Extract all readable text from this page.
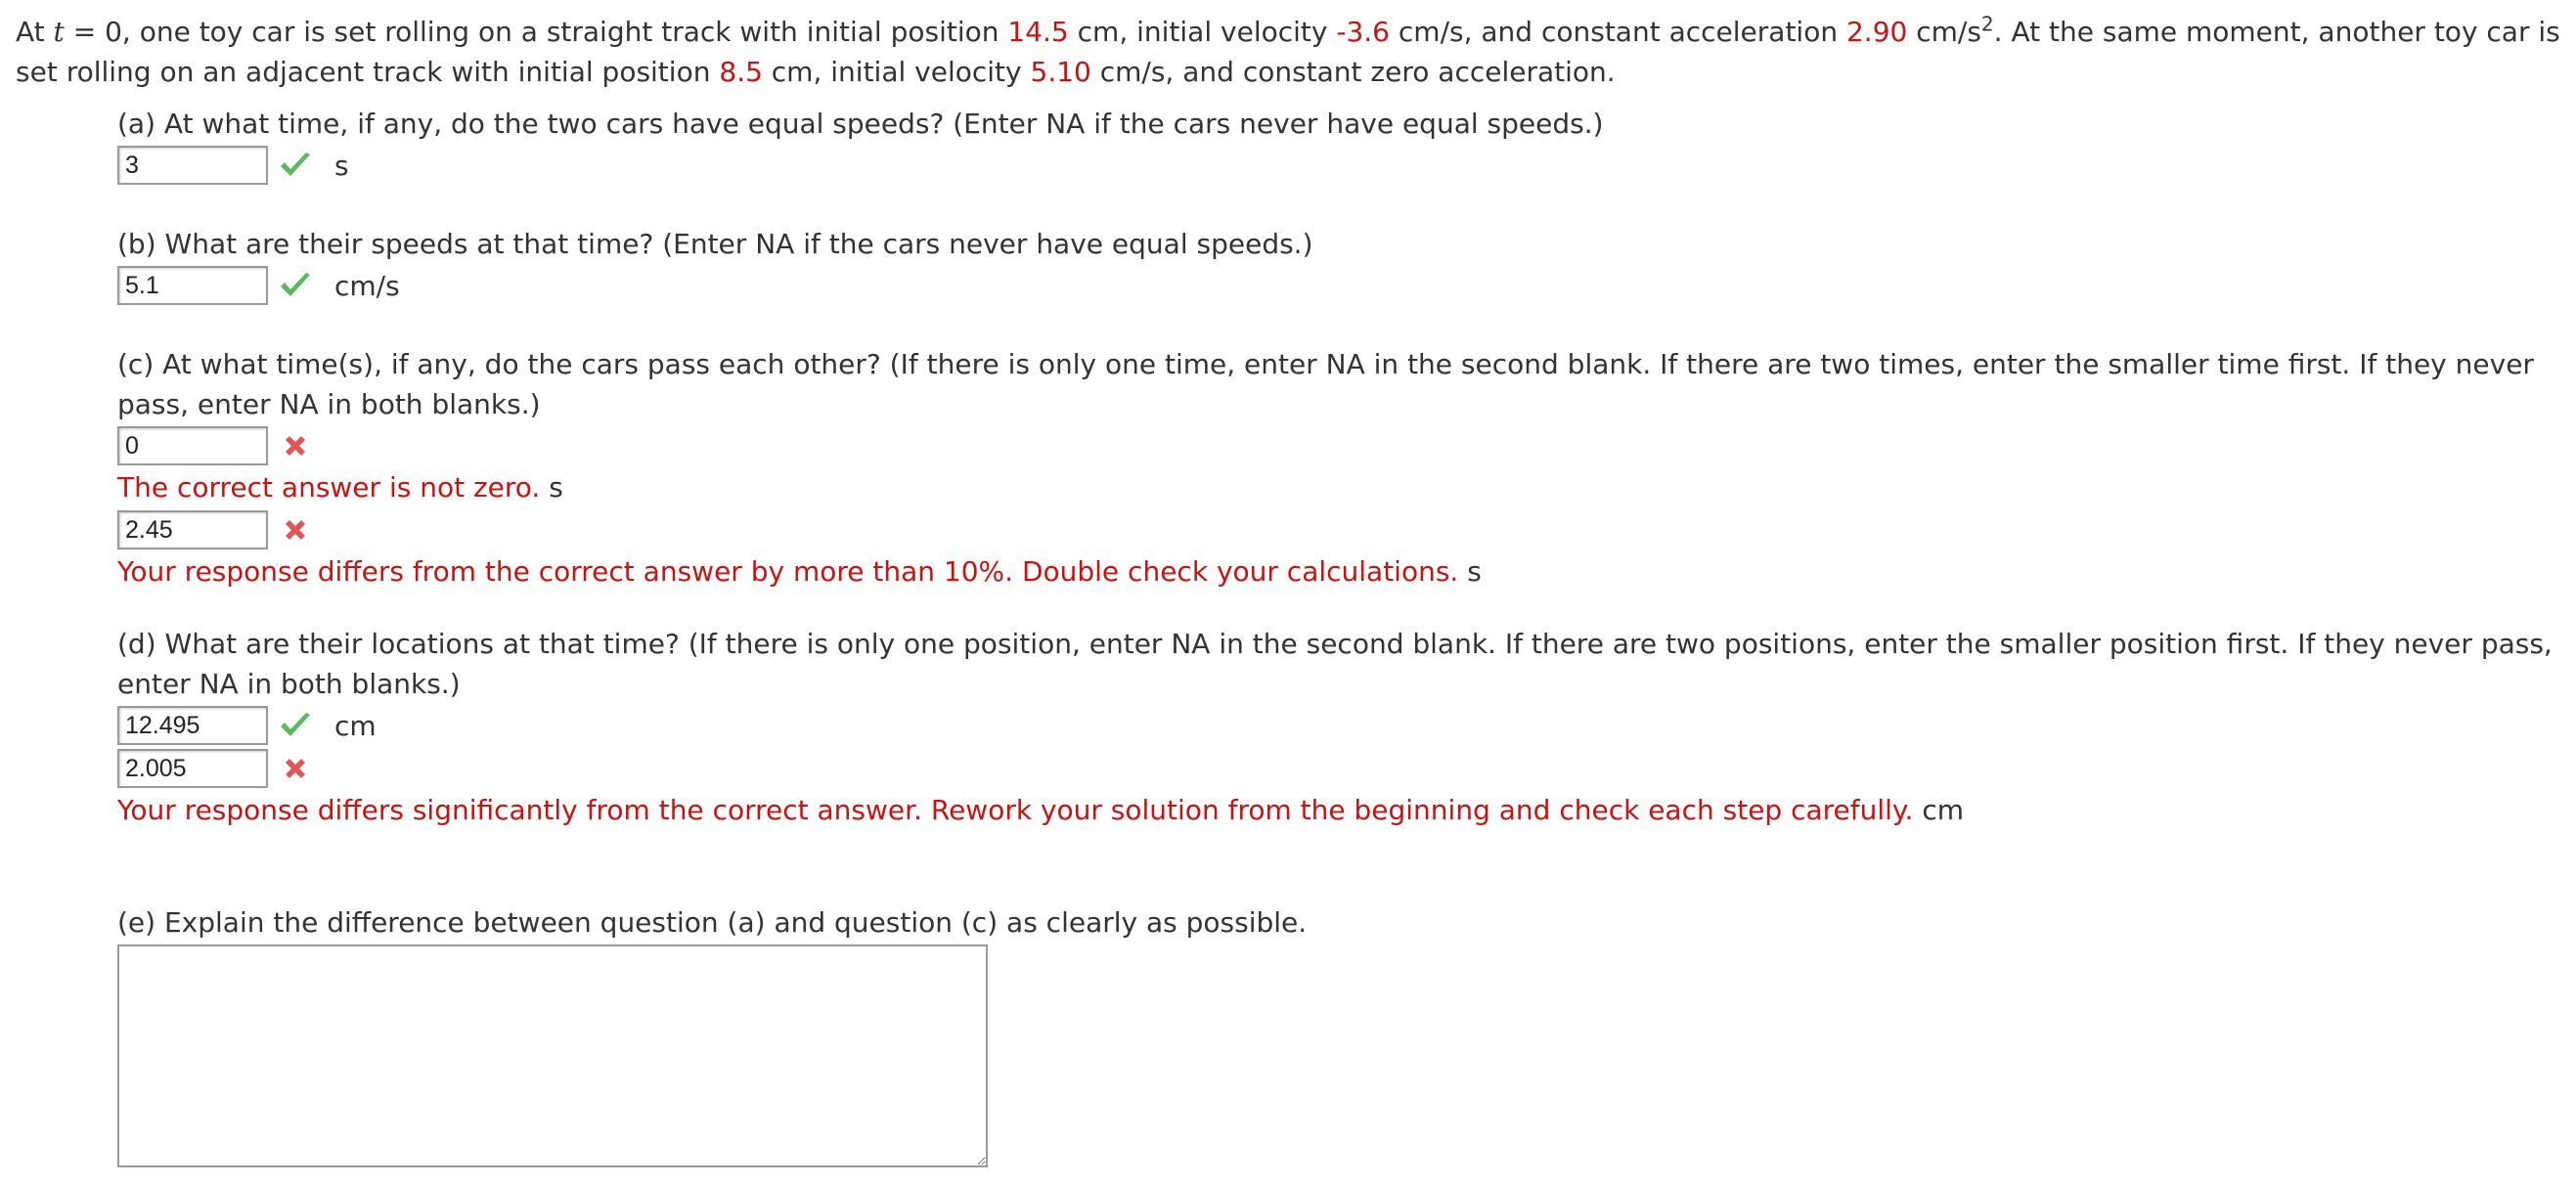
At t = 0, one toy car is set rolling on a straight track with initial position 14.5 cm, initial velocity -3.6 cm/s, and constant acceleration 2.90 $cm/s^2$. At the same moment, another toy car is set rolling on an adjacent track with initial position 8.5 cm, initial velocity 5.10 cm/s, and constant zero acceleration.

(a) At what time, if any, do the two cars have equal speeds? (Enter NA if the cars never have equal speeds.)

3	s

(b) What are their speeds at that time? (Enter NA if the cars never have equal speeds.)

5.1	cm/s

(c) At what time(s), if any, do the cars pass each other? (If there is only one time, enter NA in the second blank. If there are two times, enter the smaller time first. If they never pass, enter NA in both blanks.)

0
The correct answer is not zero. s
2.45
Your response differs from the correct answer by more than 10%. Double check your calculations. s

(d) What are their locations at that time? (If there is only one position, enter NA in the second blank. If there are two positions, enter the smaller position first. If they never pass, enter NA in both blanks.)

12.495	cm
2.005
Your response differs significantly from the correct answer. Rework your solution from the beginning and check each step carefully. cm

(e) Explain the difference between question (a) and question (c) as clearly as possible.
